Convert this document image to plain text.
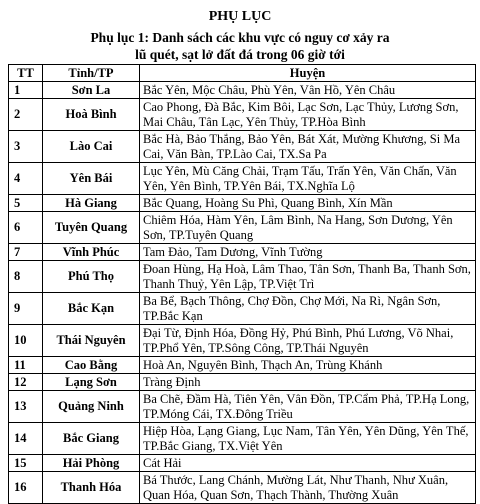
PHỤ LỤC
Phụ lục 1: Danh sách các khu vực có nguy cơ xảy ra
lũ quét, sạt lở đất đá trong 06 giờ tới
TT	Tỉnh/TP	Huyện
1	Sơn La	Bắc Yên, Mộc Châu, Phù Yên, Vân Hồ, Yên Châu
2	Hoà Bình	Cao Phong, Đà Bắc, Kim Bôi, Lạc Sơn, Lạc Thủy, Lương Sơn, Mai Châu, Tân Lạc, Yên Thủy, TP.Hòa Bình
3	Lào Cai	Bắc Hà, Bảo Thắng, Bảo Yên, Bát Xát, Mường Khương, Si Ma Cai, Văn Bàn, TP.Lào Cai, TX.Sa Pa
4	Yên Bái	Lục Yên, Mù Căng Chải, Trạm Tấu, Trấn Yên, Văn Chấn, Văn Yên, Yên Bình, TP.Yên Bái, TX.Nghĩa Lộ
5	Hà Giang	Bắc Quang, Hoàng Su Phì, Quang Bình, Xín Mần
6	Tuyên Quang	Chiêm Hóa, Hàm Yên, Lâm Bình, Na Hang, Sơn Dương, Yên Sơn, TP.Tuyên Quang
7	Vĩnh Phúc	Tam Đảo, Tam Dương, Vĩnh Tường
8	Phú Thọ	Đoan Hùng, Hạ Hoà, Lâm Thao, Tân Sơn, Thanh Ba, Thanh Sơn, Thanh Thuỷ, Yên Lập, TP.Việt Trì
9	Bắc Kạn	Ba Bể, Bạch Thông, Chợ Đồn, Chợ Mới, Na Rì, Ngân Sơn, TP.Bắc Kạn
10	Thái Nguyên	Đại Từ, Định Hóa, Đồng Hỷ, Phú Bình, Phú Lương, Võ Nhai, TP.Phổ Yên, TP.Sông Công, TP.Thái Nguyên
11	Cao Bằng	Hoà An, Nguyên Bình, Thạch An, Trùng Khánh
12	Lạng Sơn	Tràng Định
13	Quảng Ninh	Ba Chẽ, Đầm Hà, Tiên Yên, Vân Đồn, TP.Cẩm Phả, TP.Hạ Long, TP.Móng Cái, TX.Đông Triều
14	Bắc Giang	Hiệp Hòa, Lạng Giang, Lục Nam, Tân Yên, Yên Dũng, Yên Thế, TP.Bắc Giang, TX.Việt Yên
15	Hải Phòng	Cát Hải
16	Thanh Hóa	Bá Thước, Lang Chánh, Mường Lát, Như Thanh, Như Xuân, Quan Hóa, Quan Sơn, Thạch Thành, Thường Xuân
